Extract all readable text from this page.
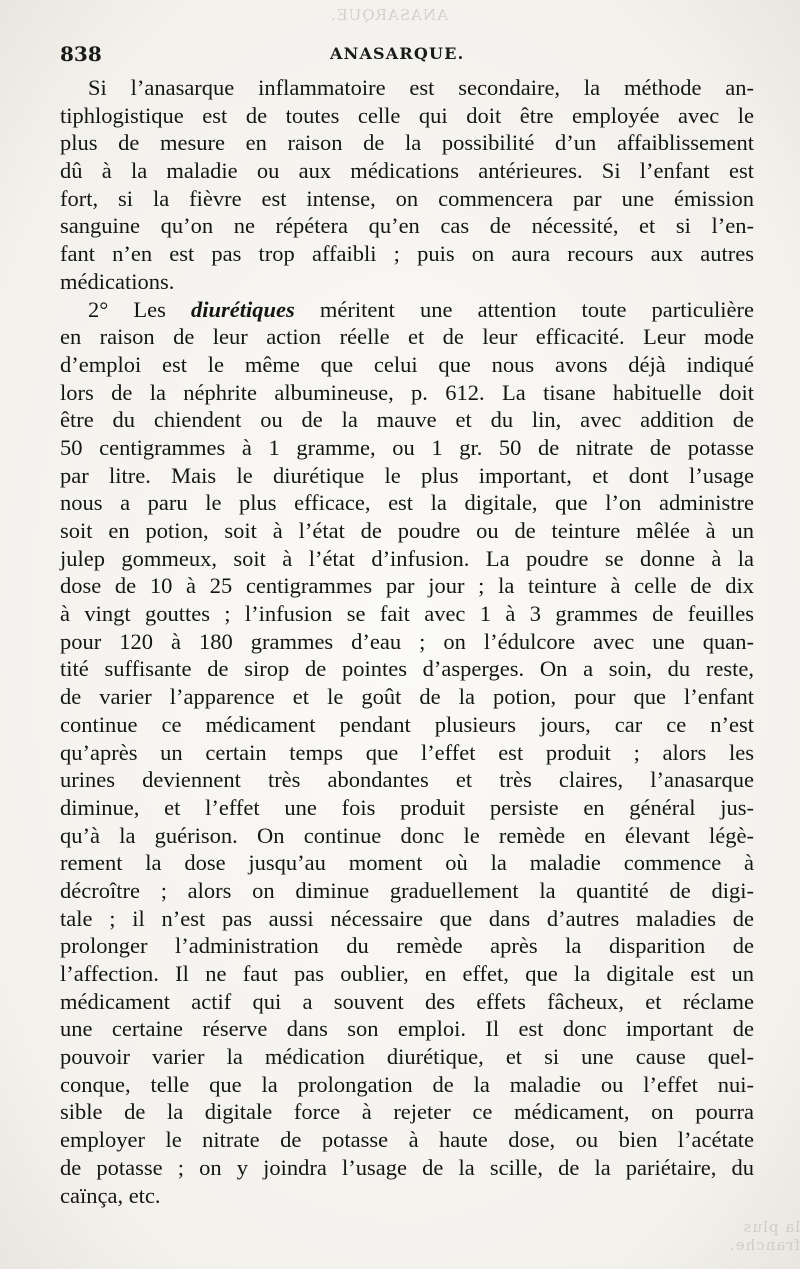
ANASARQUE.
la plus franche.
838	ANASARQUE.
Si l’anasarque inflammatoire est secondaire, la méthode an-
tiphlogistique est de toutes celle qui doit être employée avec le
plus de mesure en raison de la possibilité d’un affaiblissement
dû à la maladie ou aux médications antérieures. Si l’enfant est
fort, si la fièvre est intense, on commencera par une émission
sanguine qu’on ne répétera qu’en cas de nécessité, et si l’en-
fant n’en est pas trop affaibli ; puis on aura recours aux autres
médications.
2° Les diurétiques méritent une attention toute particulière
en raison de leur action réelle et de leur efficacité. Leur mode
d’emploi est le même que celui que nous avons déjà indiqué
lors de la néphrite albumineuse, p. 612. La tisane habituelle doit
être du chiendent ou de la mauve et du lin, avec addition de
50 centigrammes à 1 gramme, ou 1 gr. 50 de nitrate de potasse
par litre. Mais le diurétique le plus important, et dont l’usage
nous a paru le plus efficace, est la digitale, que l’on administre
soit en potion, soit à l’état de poudre ou de teinture mêlée à un
julep gommeux, soit à l’état d’infusion. La poudre se donne à la
dose de 10 à 25 centigrammes par jour ; la teinture à celle de dix
à vingt gouttes ; l’infusion se fait avec 1 à 3 grammes de feuilles
pour 120 à 180 grammes d’eau ; on l’édulcore avec une quan-
tité suffisante de sirop de pointes d’asperges. On a soin, du reste,
de varier l’apparence et le goût de la potion, pour que l’enfant
continue ce médicament pendant plusieurs jours, car ce n’est
qu’après un certain temps que l’effet est produit ; alors les
urines deviennent très abondantes et très claires, l’anasarque
diminue, et l’effet une fois produit persiste en général jus-
qu’à la guérison. On continue donc le remède en élevant légè-
rement la dose jusqu’au moment où la maladie commence à
décroître ; alors on diminue graduellement la quantité de digi-
tale ; il n’est pas aussi nécessaire que dans d’autres maladies de
prolonger l’administration du remède après la disparition de
l’affection. Il ne faut pas oublier, en effet, que la digitale est un
médicament actif qui a souvent des effets fâcheux, et réclame
une certaine réserve dans son emploi. Il est donc important de
pouvoir varier la médication diurétique, et si une cause quel-
conque, telle que la prolongation de la maladie ou l’effet nui-
sible de la digitale force à rejeter ce médicament, on pourra
employer le nitrate de potasse à haute dose, ou bien l’acétate
de potasse ; on y joindra l’usage de la scille, de la pariétaire, du
caïnça, etc.
